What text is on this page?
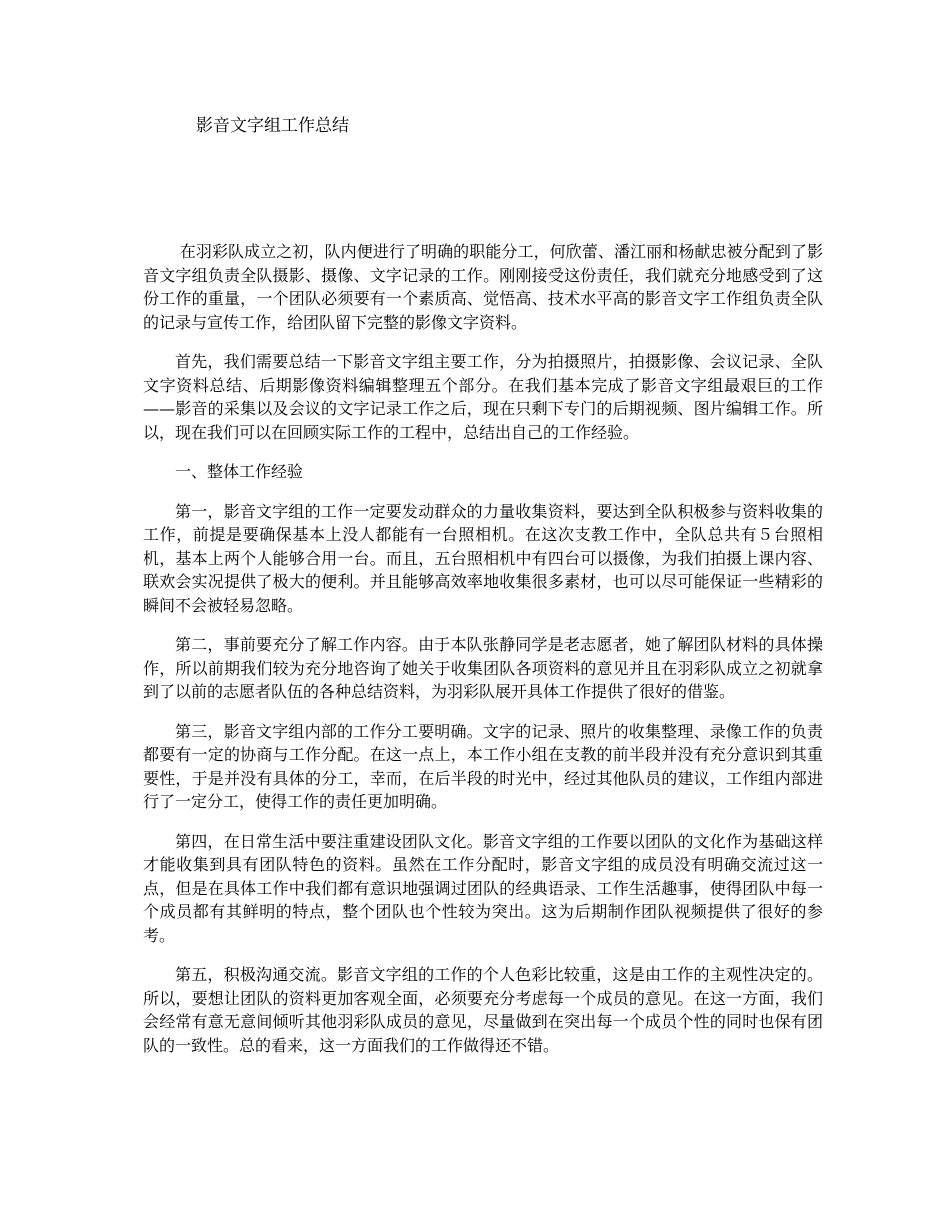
影音文字组工作总结

在羽彩队成立之初，队内便进行了明确的职能分工，何欣蕾、潘江丽和杨献忠被分配到了影音文字组负责全队摄影、摄像、文字记录的工作。刚刚接受这份责任，我们就充分地感受到了这份工作的重量，一个团队必须要有一个素质高、觉悟高、技术水平高的影音文字工作组负责全队的记录与宣传工作，给团队留下完整的影像文字资料。

首先，我们需要总结一下影音文字组主要工作，分为拍摄照片，拍摄影像、会议记录、全队文字资料总结、后期影像资料编辑整理五个部分。在我们基本完成了影音文字组最艰巨的工作——影音的采集以及会议的文字记录工作之后，现在只剩下专门的后期视频、图片编辑工作。所以，现在我们可以在回顾实际工作的工程中，总结出自己的工作经验。

一、整体工作经验

第一，影音文字组的工作一定要发动群众的力量收集资料，要达到全队积极参与资料收集的工作，前提是要确保基本上没人都能有一台照相机。在这次支教工作中，全队总共有５台照相机，基本上两个人能够合用一台。而且，五台照相机中有四台可以摄像，为我们拍摄上课内容、联欢会实况提供了极大的便利。并且能够高效率地收集很多素材，也可以尽可能保证一些精彩的瞬间不会被轻易忽略。

第二，事前要充分了解工作内容。由于本队张静同学是老志愿者，她了解团队材料的具体操作，所以前期我们较为充分地咨询了她关于收集团队各项资料的意见并且在羽彩队成立之初就拿到了以前的志愿者队伍的各种总结资料，为羽彩队展开具体工作提供了很好的借鉴。

第三，影音文字组内部的工作分工要明确。文字的记录、照片的收集整理、录像工作的负责都要有一定的协商与工作分配。在这一点上，本工作小组在支教的前半段并没有充分意识到其重要性，于是并没有具体的分工，幸而，在后半段的时光中，经过其他队员的建议，工作组内部进行了一定分工，使得工作的责任更加明确。

第四，在日常生活中要注重建设团队文化。影音文字组的工作要以团队的文化作为基础这样才能收集到具有团队特色的资料。虽然在工作分配时，影音文字组的成员没有明确交流过这一点，但是在具体工作中我们都有意识地强调过团队的经典语录、工作生活趣事，使得团队中每一个成员都有其鲜明的特点，整个团队也个性较为突出。这为后期制作团队视频提供了很好的参考。

第五，积极沟通交流。影音文字组的工作的个人色彩比较重，这是由工作的主观性决定的。所以，要想让团队的资料更加客观全面，必须要充分考虑每一个成员的意见。在这一方面，我们会经常有意无意间倾听其他羽彩队成员的意见，尽量做到在突出每一个成员个性的同时也保有团队的一致性。总的看来，这一方面我们的工作做得还不错。
